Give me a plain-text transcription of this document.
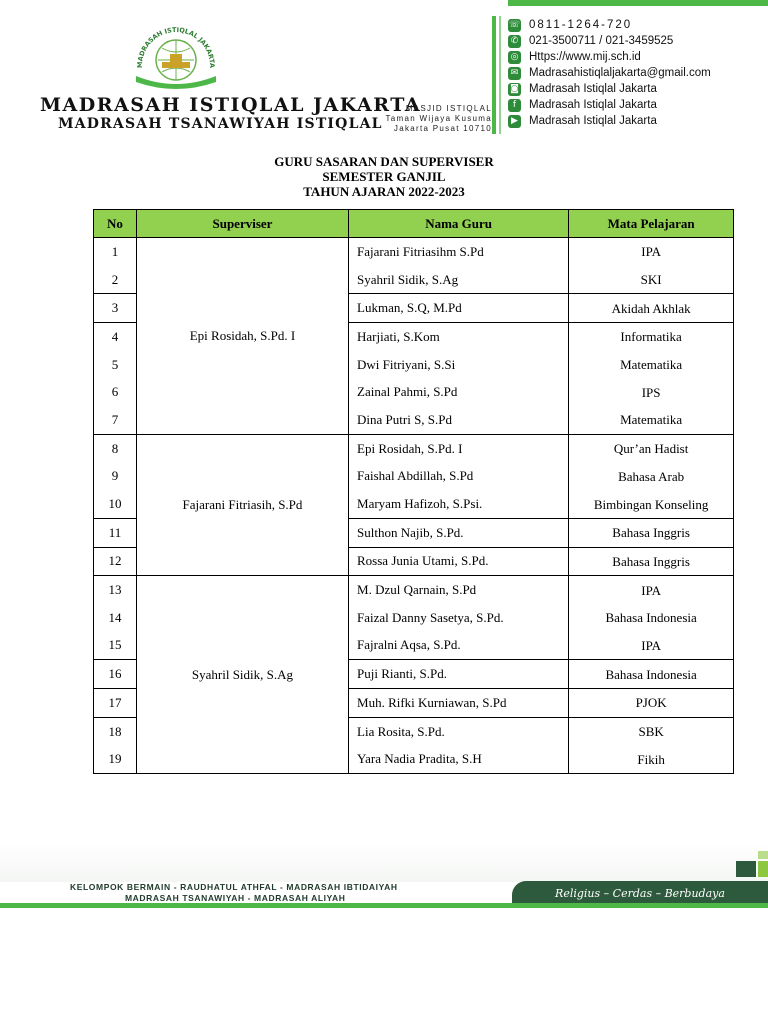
MADRASAH ISTIQLAL JAKARTA
MADRASAH ISTIQLAL JAKARTA
MADRASAH TSANAWIYAH ISTIQLAL
MASJID ISTIQLAL
Taman Wijaya Kusuma
Jakarta Pusat 10710
☏ 0811-1264-720
✆ 021-3500711 / 021-3459525
◎ Https://www.mij.sch.id
✉ Madrasahistiqlaljakarta@gmail.com
◙ Madrasah Istiqlal Jakarta
f	Madrasah Istiqlal Jakarta
▶ Madrasah Istiqlal Jakarta
GURU SASARAN DAN SUPERVISER
SEMESTER GANJIL
TAHUN AJARAN 2022-2023
No	Superviser	Nama Guru	Mata Pelajaran
1	Epi Rosidah, S.Pd. I	Fajarani Fitriasihm S.Pd	IPA
2		Syahril Sidik, S.Ag	SKI
3		Lukman, S.Q, M.Pd	Akidah Akhlak
4		Harjiati, S.Kom	Informatika
5		Dwi Fitriyani, S.Si	Matematika
6		Zainal Pahmi, S.Pd	IPS
7		Dina Putri S, S.Pd	Matematika
8	Fajarani Fitriasih, S.Pd	Epi Rosidah, S.Pd. I	Qur’an Hadist
9		Faishal Abdillah, S.Pd	Bahasa Arab
10		Maryam Hafizoh, S.Psi.	Bimbingan Konseling
11		Sulthon Najib, S.Pd.	Bahasa Inggris
12		Rossa Junia Utami, S.Pd.	Bahasa Inggris
13	Syahril Sidik, S.Ag	M. Dzul Qarnain, S.Pd	IPA
14		Faizal Danny Sasetya, S.Pd.	Bahasa Indonesia
15		Fajralni Aqsa, S.Pd.	IPA
16		Puji Rianti, S.Pd.	Bahasa Indonesia
17		Muh. Rifki Kurniawan, S.Pd	PJOK
18		Lia Rosita, S.Pd.	SBK
19		Yara Nadia Pradita, S.H	Fikih
KELOMPOK BERMAIN - RAUDHATUL ATHFAL - MADRASAH IBTIDAIYAH
MADRASAH TSANAWIYAH - MADRASAH ALIYAH	Religius – Cerdas – Berbudaya
